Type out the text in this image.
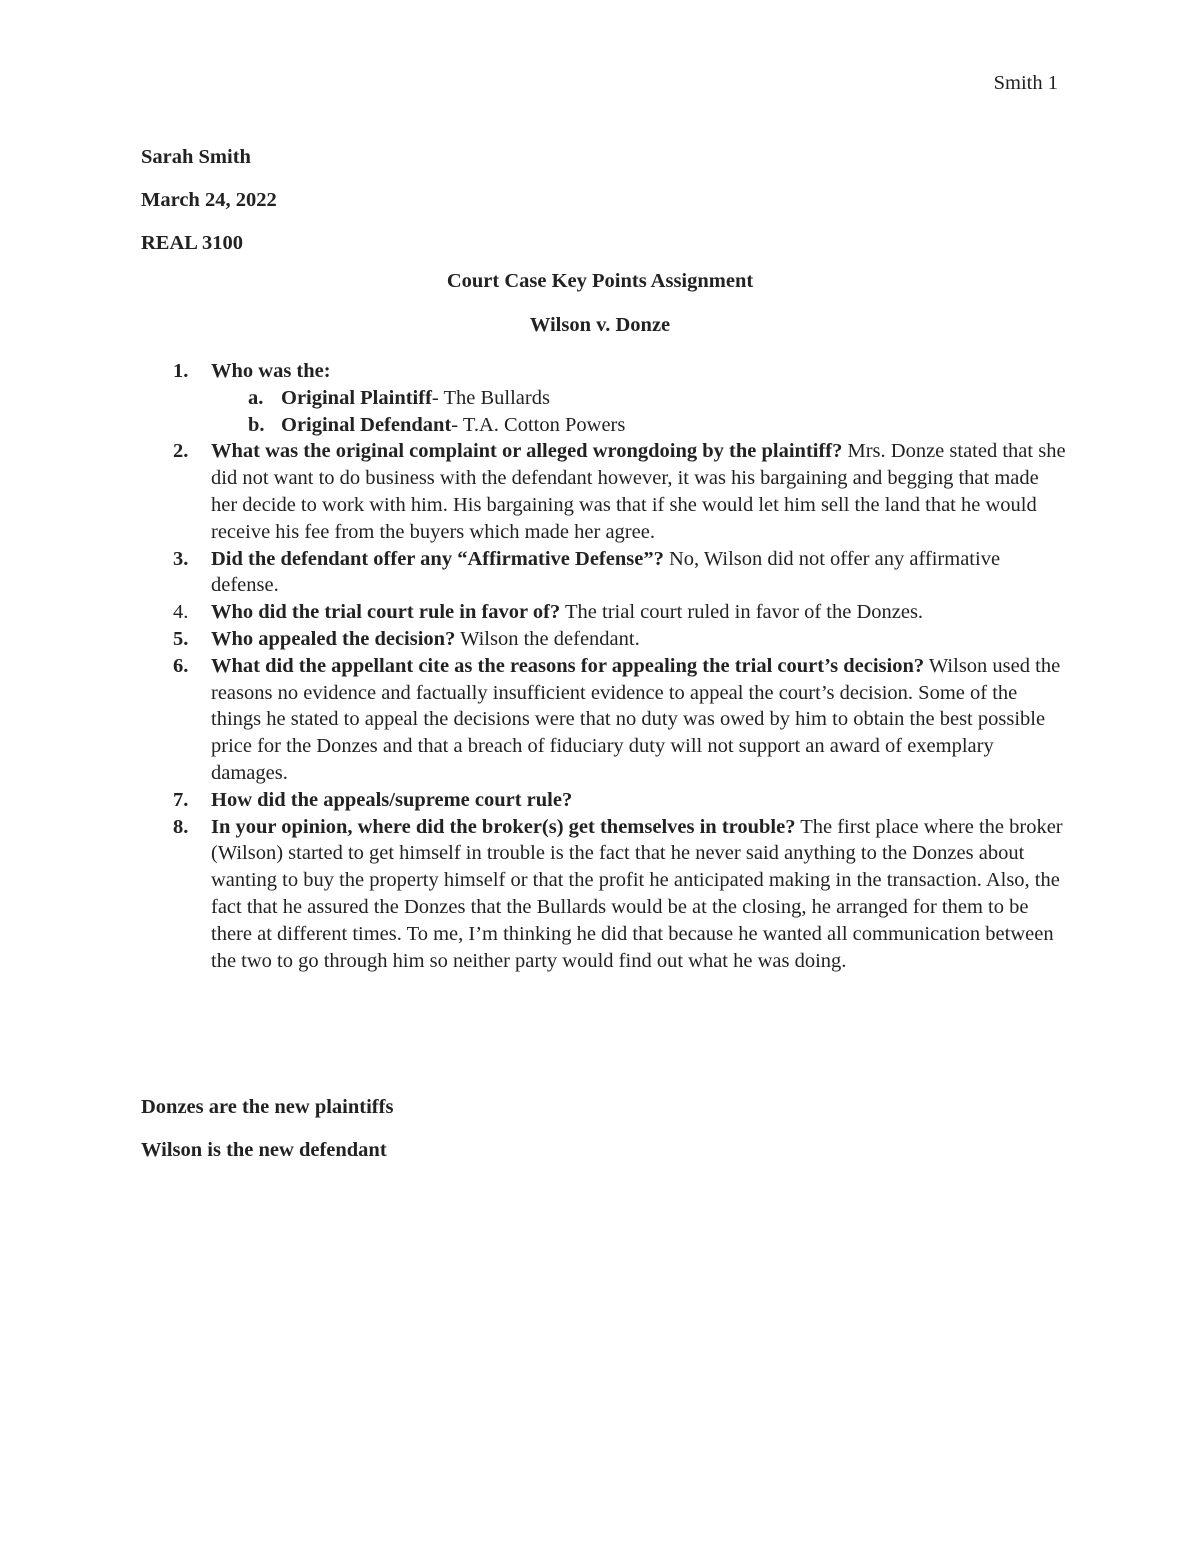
Smith 1
Sarah Smith
March 24, 2022
REAL 3100
Court Case Key Points Assignment
Wilson v. Donze
1. Who was the:
a. Original Plaintiff- The Bullards
b. Original Defendant- T.A. Cotton Powers
2. What was the original complaint or alleged wrongdoing by the plaintiff? Mrs. Donze stated that she did not want to do business with the defendant however, it was his bargaining and begging that made her decide to work with him. His bargaining was that if she would let him sell the land that he would receive his fee from the buyers which made her agree.
3. Did the defendant offer any “Affirmative Defense”? No, Wilson did not offer any affirmative defense.
4. Who did the trial court rule in favor of? The trial court ruled in favor of the Donzes.
5. Who appealed the decision? Wilson the defendant.
6. What did the appellant cite as the reasons for appealing the trial court’s decision? Wilson used the reasons no evidence and factually insufficient evidence to appeal the court’s decision. Some of the things he stated to appeal the decisions were that no duty was owed by him to obtain the best possible price for the Donzes and that a breach of fiduciary duty will not support an award of exemplary damages.
7. How did the appeals/supreme court rule?
8. In your opinion, where did the broker(s) get themselves in trouble? The first place where the broker (Wilson) started to get himself in trouble is the fact that he never said anything to the Donzes about wanting to buy the property himself or that the profit he anticipated making in the transaction. Also, the fact that he assured the Donzes that the Bullards would be at the closing, he arranged for them to be there at different times. To me, I’m thinking he did that because he wanted all communication between the two to go through him so neither party would find out what he was doing.
Donzes are the new plaintiffs
Wilson is the new defendant
